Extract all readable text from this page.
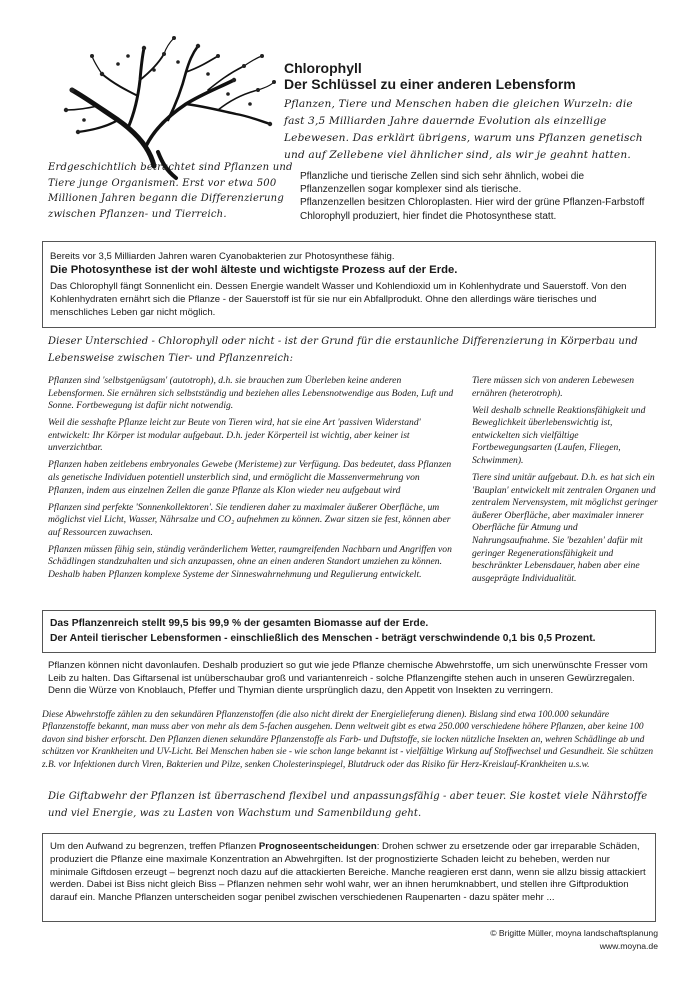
Chlorophyll
Der Schlüssel zu einer anderen Lebensform
Pflanzen, Tiere und Menschen haben die gleichen Wurzeln: die fast 3,5 Milliarden Jahre dauernde Evolution als einzellige Lebewesen. Das erklärt übrigens, warum uns Pflanzen genetisch und auf Zellebene viel ähnlicher sind, als wir je geahnt hatten.
Erdgeschichtlich betrachtet sind Pflanzen und Tiere junge Organismen. Erst vor etwa 500 Millionen Jahren begann die Differenzierung zwischen Pflanzen- und Tierreich.

Pflanzliche und tierische Zellen sind sich sehr ähnlich, wobei die Pflanzenzellen sogar komplexer sind als tierische.

Pflanzenzellen besitzen Chloroplasten. Hier wird der grüne Pflanzen-Farbstoff Chlorophyll produziert, hier findet die Photosynthese statt.

Bereits vor 3,5 Milliarden Jahren waren Cyanobakterien zur Photosynthese fähig.

Die Photosynthese ist der wohl älteste und wichtigste Prozess auf der Erde.

Das Chlorophyll fängt Sonnenlicht ein. Dessen Energie wandelt Wasser und Kohlendioxid um in Kohlenhydrate und Sauerstoff. Von den Kohlenhydraten ernährt sich die Pflanze - der Sauerstoff ist für sie nur ein Abfallprodukt. Ohne den allerdings wäre tierisches und menschliches Leben gar nicht möglich.

Dieser Unterschied - Chlorophyll oder nicht - ist der Grund für die erstaunliche Differenzierung in Körperbau und Lebensweise zwischen Tier- und Pflanzenreich:

Pflanzen sind 'selbstgenügsam' (autotroph), d.h. sie brauchen zum Überleben keine anderen Lebensformen. Sie ernähren sich selbstständig und beziehen alles Lebensnotwendige aus Boden, Luft und Sonne. Fortbewegung ist dafür nicht notwendig.

Weil die sesshafte Pflanze leicht zur Beute von Tieren wird, hat sie eine Art 'passiven Widerstand' entwickelt: Ihr Körper ist modular aufgebaut. D.h. jeder Körperteil ist wichtig, aber keiner ist unverzichtbar.

Pflanzen haben zeitlebens embryonales Gewebe (Meristeme) zur Verfügung. Das bedeutet, dass Pflanzen als genetische Individuen potentiell unsterblich sind, und ermöglicht die Massenvermehrung von Pflanzen, indem aus einzelnen Zellen die ganze Pflanze als Klon wieder neu aufgebaut wird

Pflanzen sind perfekte 'Sonnenkollektoren'. Sie tendieren daher zu maximaler äußerer Oberfläche, um möglichst viel Licht, Wasser, Nährsalze und CO₂ aufnehmen zu können. Zwar sitzen sie fest, können aber auf Ressourcen zuwachsen.

Pflanzen müssen fähig sein, ständig veränderlichem Wetter, raumgreifenden Nachbarn und Angriffen von Schädlingen standzuhalten und sich anzupassen, ohne an einen anderen Standort umziehen zu können. Deshalb haben Pflanzen komplexe Systeme der Sinneswahrnehmung und Regulierung entwickelt.

Tiere müssen sich von anderen Lebewesen ernähren (heterotroph).

Weil deshalb schnelle Reaktionsfähigkeit und Beweglichkeit überlebenswichtig ist, entwickelten sich vielfältige Fortbewegungsarten (Laufen, Fliegen, Schwimmen).

Tiere sind unitär aufgebaut. D.h. es hat sich ein 'Bauplan' entwickelt mit zentralen Organen und zentralem Nervensystem, mit möglichst geringer äußerer Oberfläche, aber maximaler innerer Oberfläche für Atmung und Nahrungsaufnahme. Sie 'bezahlen' dafür mit geringer Regenerationsfähigkeit und beschränkter Lebensdauer, haben aber eine ausgeprägte Individualität.

Das Pflanzenreich stellt 99,5 bis 99,9 % der gesamten Biomasse auf der Erde.

Der Anteil tierischer Lebensformen - einschließlich des Menschen - beträgt verschwindende 0,1 bis 0,5 Prozent.

Pflanzen können nicht davonlaufen. Deshalb produziert so gut wie jede Pflanze chemische Abwehrstoffe, um sich unerwünschte Fresser vom Leib zu halten. Das Giftarsenal ist unüberschaubar groß und variantenreich - solche Pflanzengifte stehen auch in unseren Gewürzregalen. Denn die Würze von Knoblauch, Pfeffer und Thymian diente ursprünglich dazu, den Appetit von Insekten zu verringern.
Diese Abwehrstoffe zählen zu den sekundären Pflanzenstoffen (die also nicht direkt der Energielieferung dienen). Bislang sind etwa 100.000 sekundäre Pflanzenstoffe bekannt, man muss aber von mehr als dem 5-fachen ausgehen. Denn weltweit gibt es etwa 250.000 verschiedene höhere Pflanzen, aber keine 100 davon sind bisher erforscht. Den Pflanzen dienen sekundäre Pflanzenstoffe als Farb- und Duftstoffe, sie locken nützliche Insekten an, wehren Schädlinge ab und schützen vor Krankheiten und UV-Licht. Bei Menschen haben sie - wie schon lange bekannt ist - vielfältige Wirkung auf Stoffwechsel und Gesundheit. Sie schützen z.B. vor Infektionen durch Viren, Bakterien und Pilze, senken Cholesterinspiegel, Blutdruck oder das Risiko für Herz-Kreislauf-Krankheiten u.s.w.
Die Giftabwehr der Pflanzen ist überraschend flexibel und anpassungsfähig - aber teuer. Sie kostet viele Nährstoffe und viel Energie, was zu Lasten von Wachstum und Samenbildung geht.
Um den Aufwand zu begrenzen, treffen Pflanzen Prognoseentscheidungen: Drohen schwer zu ersetzende oder gar irreparable Schäden, produziert die Pflanze eine maximale Konzentration an Abwehrgiften. Ist der prognostizierte Schaden leicht zu beheben, werden nur minimale Giftdosen erzeugt – begrenzt noch dazu auf die attackierten Bereiche. Manche reagieren erst dann, wenn sie allzu bissig attackiert werden. Dabei ist Biss nicht gleich Biss – Pflanzen nehmen sehr wohl wahr, wer an ihnen herumknabbert, und stellen ihre Giftproduktion darauf ein. Manche Pflanzen unterscheiden sogar penibel zwischen verschiedenen Raupenarten - dazu später mehr ...
© Brigitte Müller, moyna landschaftsplanung
www.moyna.de
